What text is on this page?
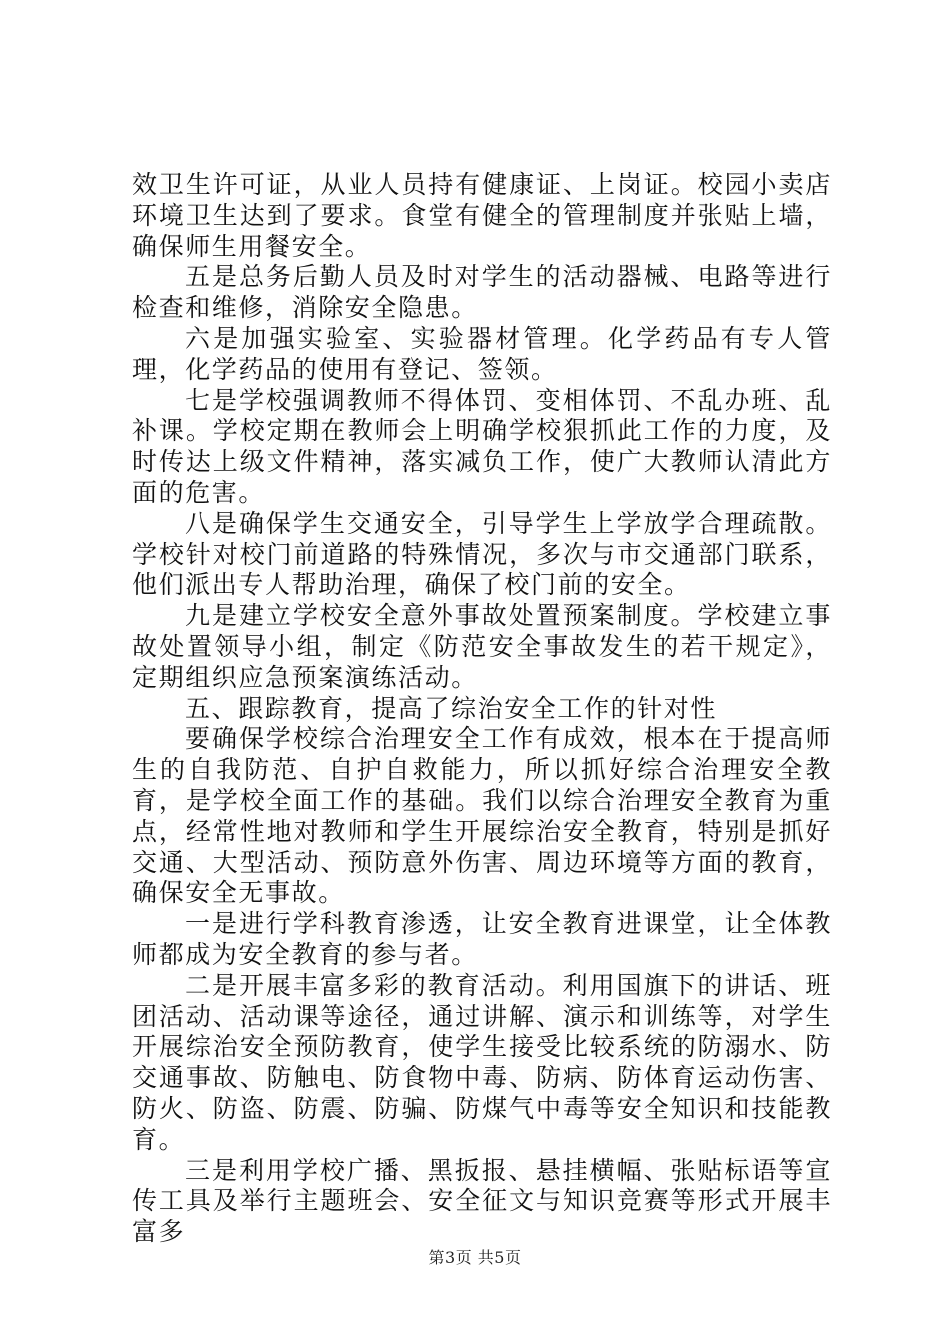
效卫生许可证，从业人员持有健康证、上岗证。校园小卖店环境卫生达到了要求。食堂有健全的管理制度并张贴上墙，确保师生用餐安全。

五是总务后勤人员及时对学生的活动器械、电路等进行检查和维修，消除安全隐患。

六是加强实验室、实验器材管理。化学药品有专人管理，化学药品的使用有登记、签领。

七是学校强调教师不得体罚、变相体罚、不乱办班、乱补课。学校定期在教师会上明确学校狠抓此工作的力度，及时传达上级文件精神，落实减负工作，使广大教师认清此方面的危害。

八是确保学生交通安全，引导学生上学放学合理疏散。学校针对校门前道路的特殊情况，多次与市交通部门联系，他们派出专人帮助治理，确保了校门前的安全。

九是建立学校安全意外事故处置预案制度。学校建立事故处置领导小组，制定《防范安全事故发生的若干规定》，定期组织应急预案演练活动。

五、跟踪教育，提高了综治安全工作的针对性

要确保学校综合治理安全工作有成效，根本在于提高师生的自我防范、自护自救能力，所以抓好综合治理安全教育，是学校全面工作的基础。我们以综合治理安全教育为重点，经常性地对教师和学生开展综治安全教育，特别是抓好交通、大型活动、预防意外伤害、周边环境等方面的教育，确保安全无事故。

一是进行学科教育渗透，让安全教育进课堂，让全体教师都成为安全教育的参与者。

二是开展丰富多彩的教育活动。利用国旗下的讲话、班团活动、活动课等途径，通过讲解、演示和训练等，对学生开展综治安全预防教育，使学生接受比较系统的防溺水、防交通事故、防触电、防食物中毒、防病、防体育运动伤害、防火、防盗、防震、防骗、防煤气中毒等安全知识和技能教育。

三是利用学校广播、黑扳报、悬挂横幅、张贴标语等宣传工具及举行主题班会、安全征文与知识竞赛等形式开展丰富多

第3页 共5页
